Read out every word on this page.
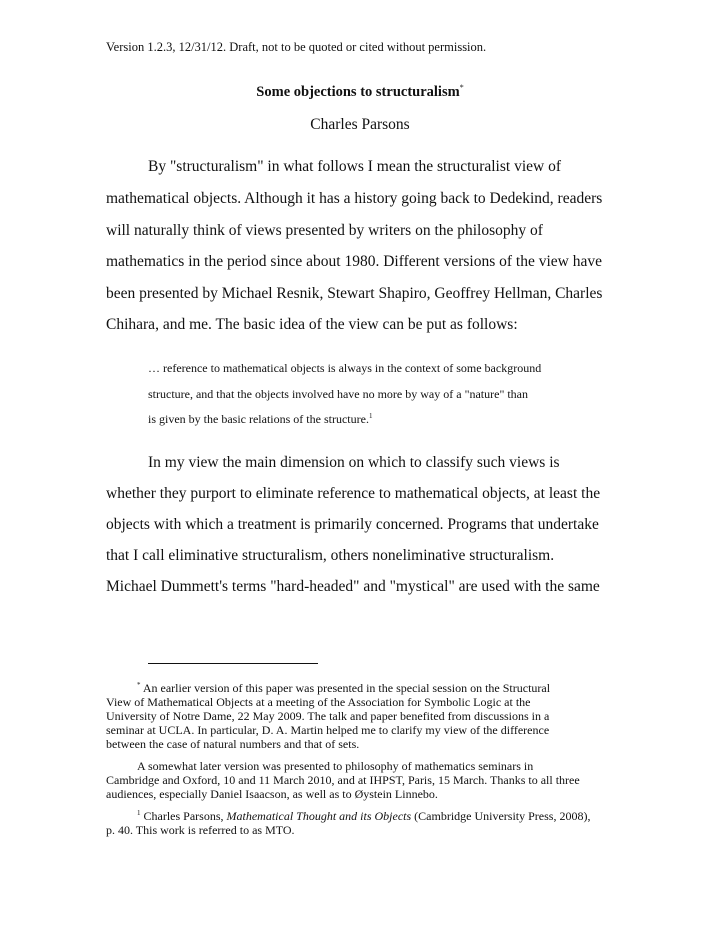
Version 1.2.3, 12/31/12. Draft, not to be quoted or cited without permission.
Some objections to structuralism*
Charles Parsons
By "structuralism" in what follows I mean the structuralist view of
mathematical objects. Although it has a history going back to Dedekind, readers
will naturally think of views presented by writers on the philosophy of
mathematics in the period since about 1980. Different versions of the view have
been presented by Michael Resnik, Stewart Shapiro, Geoffrey Hellman, Charles
Chihara, and me. The basic idea of the view can be put as follows:
… reference to mathematical objects is always in the context of some background
structure, and that the objects involved have no more by way of a "nature" than
is given by the basic relations of the structure.$^1$
In my view the main dimension on which to classify such views is
whether they purport to eliminate reference to mathematical objects, at least the
objects with which a treatment is primarily concerned. Programs that undertake
that I call eliminative structuralism, others noneliminative structuralism.
Michael Dummett's terms "hard-headed" and "mystical" are used with the same
* An earlier version of this paper was presented in the special session on the Structural
View of Mathematical Objects at a meeting of the Association for Symbolic Logic at the
University of Notre Dame, 22 May 2009. The talk and paper benefited from discussions in a
seminar at UCLA. In particular, D. A. Martin helped me to clarify my view of the difference
between the case of natural numbers and that of sets.
A somewhat later version was presented to philosophy of mathematics seminars in
Cambridge and Oxford, 10 and 11 March 2010, and at IHPST, Paris, 15 March. Thanks to all three
audiences, especially Daniel Isaacson, as well as to Øystein Linnebo.
$^1$ Charles Parsons, Mathematical Thought and its Objects (Cambridge University Press, 2008),
p. 40. This work is referred to as MTO.
